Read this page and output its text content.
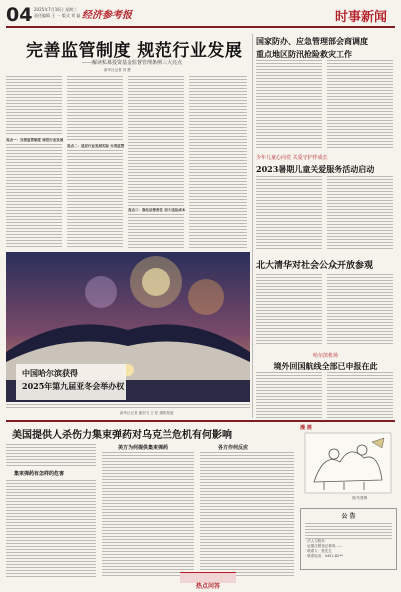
04 2025年7月16日 星期三
责任编辑 王 一 版式 刘 磊 经济参考报	时事新闻
完善监管制度 规范行业发展
——解读私募投资基金监督管理条例三大亮点
新华社记者 刘 慧
亮点一：完善监管制度 规范行业发展
亮点二：适应行业发展实际 分类监管
亮点三：强化法律责任 加大违法成本
中国哈尔滨获得
2025年第九届亚冬会举办权
新华社记者 谢剑飞 王 松 摄影报道
国家防办、应急管理部会商调度
重点地区防汛抢险救灾工作
少年儿童心向党 关爱守护伴成长
2023暑期儿童关爱服务活动启动
北大清华对社会公众开放参观
哈尔滨机场
境外回国航线全部已申报在此
美国提供人杀伤力集束弹药对乌克兰危机有何影响
集束弹药有怎样的危害
美方为何提供集束弹药	各方作何反应
漫 画
图/朱慧卿
公 告
· 法人与股东：
· 证照注销登记事项……
· 联系人：张先生
· 联系电话：0451-82**
热点问答
